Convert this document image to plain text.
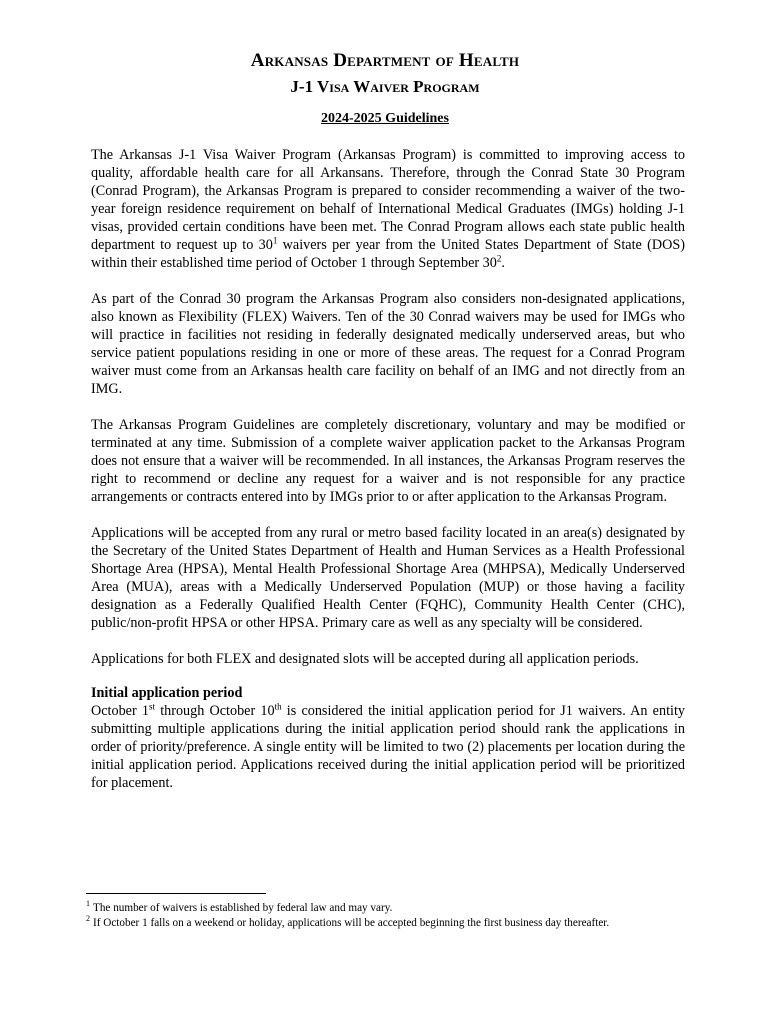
Arkansas Department of Health
J-1 Visa Waiver Program
2024-2025 Guidelines

The Arkansas J-1 Visa Waiver Program (Arkansas Program) is committed to improving access to quality, affordable health care for all Arkansans. Therefore, through the Conrad State 30 Program (Conrad Program), the Arkansas Program is prepared to consider recommending a waiver of the two-year foreign residence requirement on behalf of International Medical Graduates (IMGs) holding J-1 visas, provided certain conditions have been met. The Conrad Program allows each state public health department to request up to $30^1$ waivers per year from the United States Department of State (DOS) within their established time period of October 1 through September $30^2$.

As part of the Conrad 30 program the Arkansas Program also considers non-designated applications, also known as Flexibility (FLEX) Waivers. Ten of the 30 Conrad waivers may be used for IMGs who will practice in facilities not residing in federally designated medically underserved areas, but who service patient populations residing in one or more of these areas. The request for a Conrad Program waiver must come from an Arkansas health care facility on behalf of an IMG and not directly from an IMG.

The Arkansas Program Guidelines are completely discretionary, voluntary and may be modified or terminated at any time. Submission of a complete waiver application packet to the Arkansas Program does not ensure that a waiver will be recommended. In all instances, the Arkansas Program reserves the right to recommend or decline any request for a waiver and is not responsible for any practice arrangements or contracts entered into by IMGs prior to or after application to the Arkansas Program.

Applications will be accepted from any rural or metro based facility located in an area(s) designated by the Secretary of the United States Department of Health and Human Services as a Health Professional Shortage Area (HPSA), Mental Health Professional Shortage Area (MHPSA), Medically Underserved Area (MUA), areas with a Medically Underserved Population (MUP) or those having a facility designation as a Federally Qualified Health Center (FQHC), Community Health Center (CHC), public/non-profit HPSA or other HPSA. Primary care as well as any specialty will be considered.

Applications for both FLEX and designated slots will be accepted during all application periods.

Initial application period
October 1st through October 10th is considered the initial application period for J1 waivers. An entity submitting multiple applications during the initial application period should rank the applications in order of priority/preference. A single entity will be limited to two (2) placements per location during the initial application period. Applications received during the initial application period will be prioritized for placement.

$^1$ The number of waivers is established by federal law and may vary.
$^2$ If October 1 falls on a weekend or holiday, applications will be accepted beginning the first business day thereafter.
